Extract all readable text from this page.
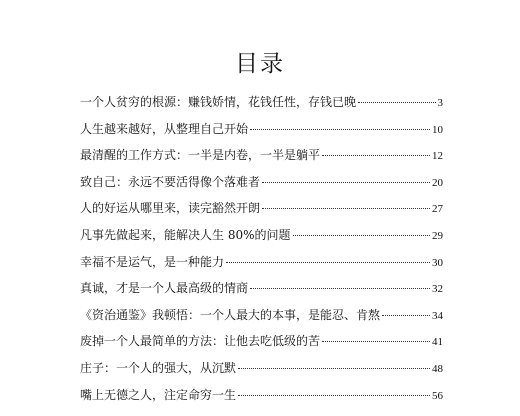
目录
一个人贫穷的根源：赚钱娇情，花钱任性，存钱已晚	3
人生越来越好，从整理自己开始	10
最清醒的工作方式：一半是内卷，一半是躺平	12
致自己：永远不要活得像个落难者	20
人的好运从哪里来，读完豁然开朗	27
凡事先做起来，能解决人生 80%的问题	29
幸福不是运气，是一种能力	30
真诚，才是一个人最高级的情商	32
《资治通鉴》我顿悟：一个人最大的本事，是能忍、肯熬	34
废掉一个人最简单的方法：让他去吃低级的苦	41
庄子：一个人的强大，从沉默	48
嘴上无德之人，注定命穷一生	56
